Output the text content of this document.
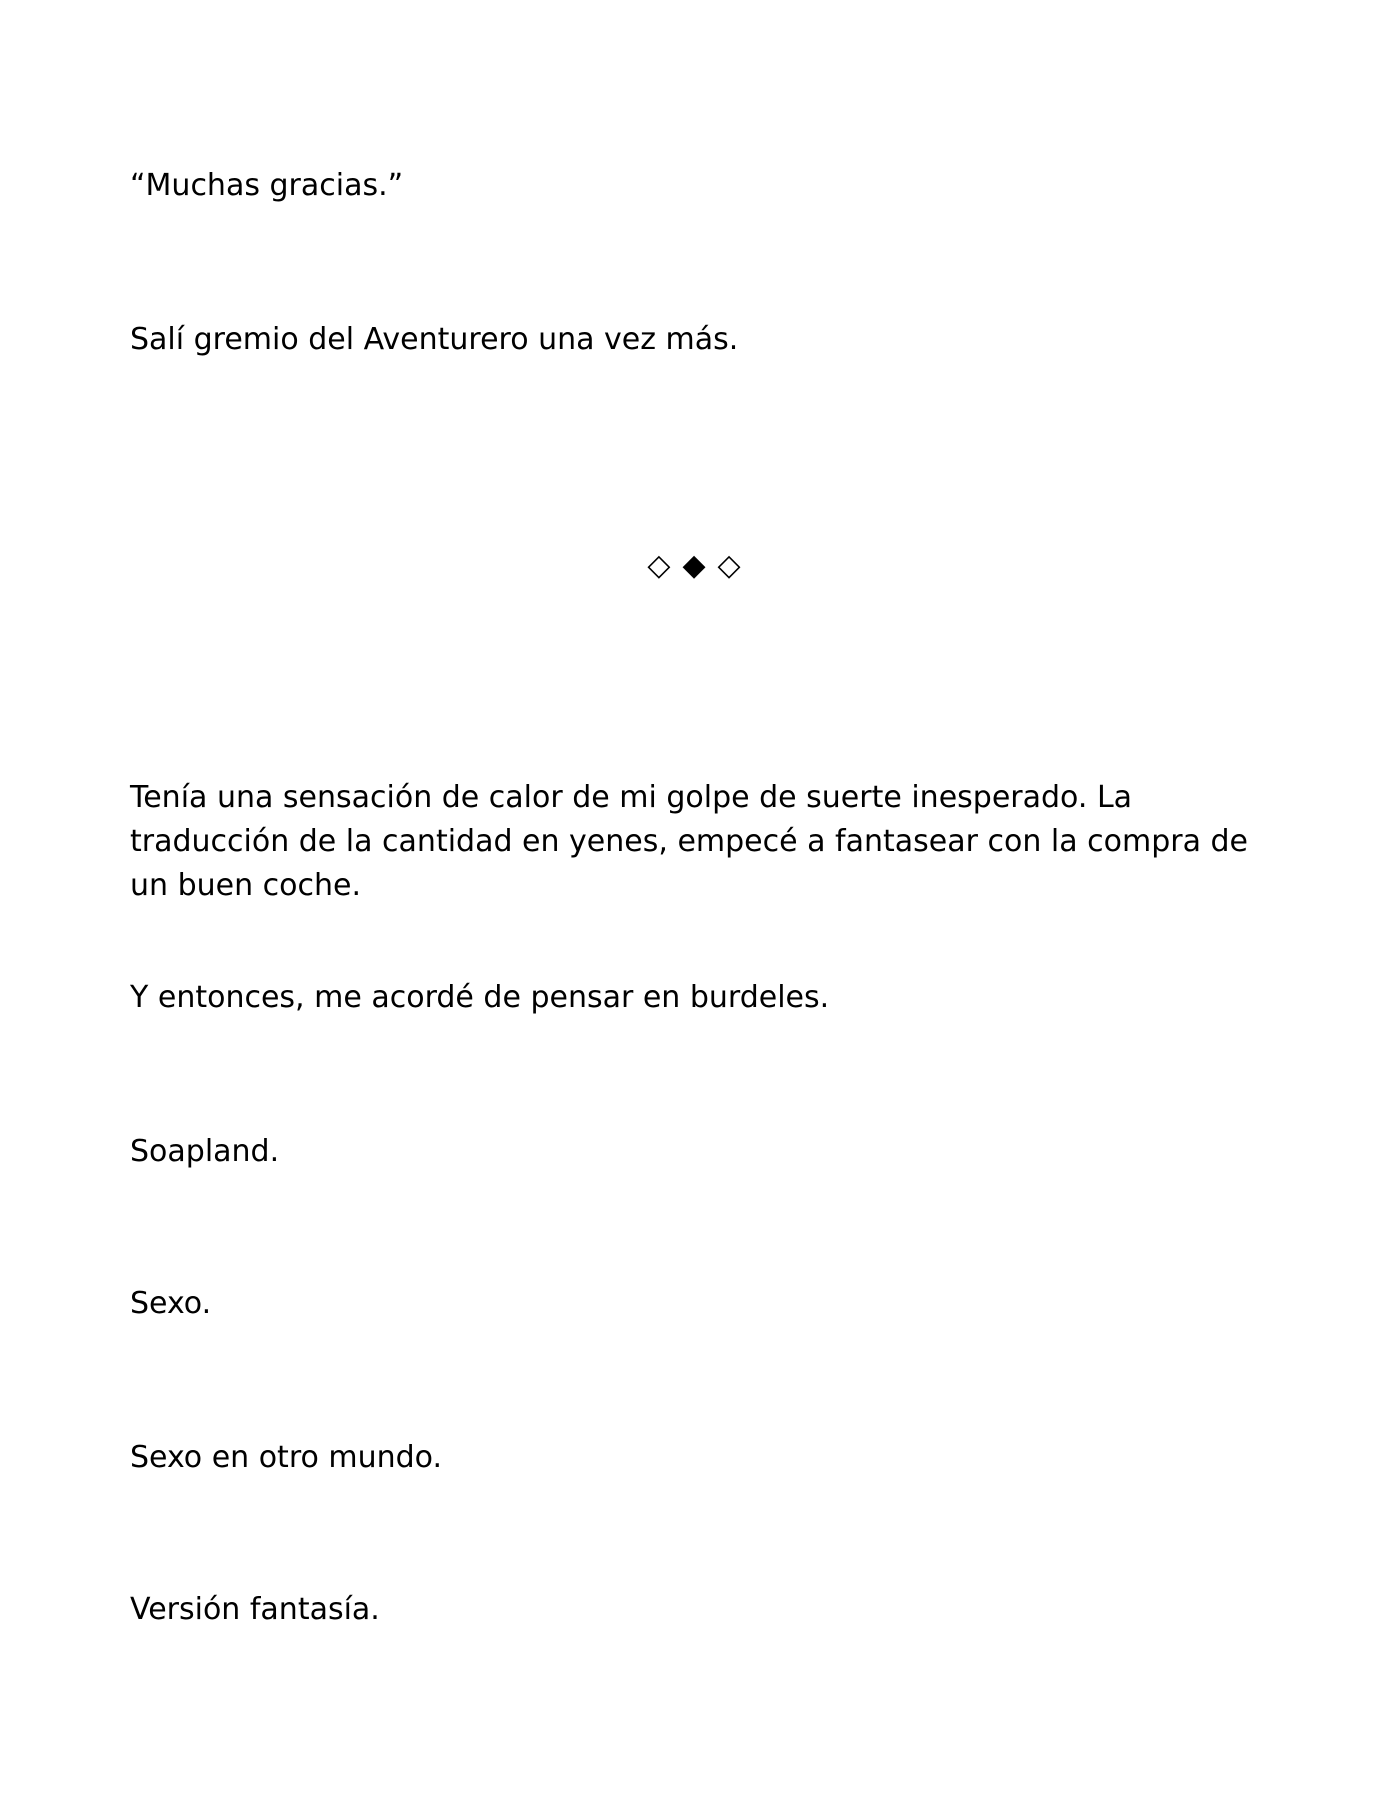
“Muchas gracias.”

Salí gremio del Aventurero una vez más.

◇◆◇

Tenía una sensación de calor de mi golpe de suerte inesperado. La traducción de la cantidad en yenes, empecé a fantasear con la compra de un buen coche.

Y entonces, me acordé de pensar en burdeles.

Soapland.

Sexo.

Sexo en otro mundo.

Versión fantasía.
